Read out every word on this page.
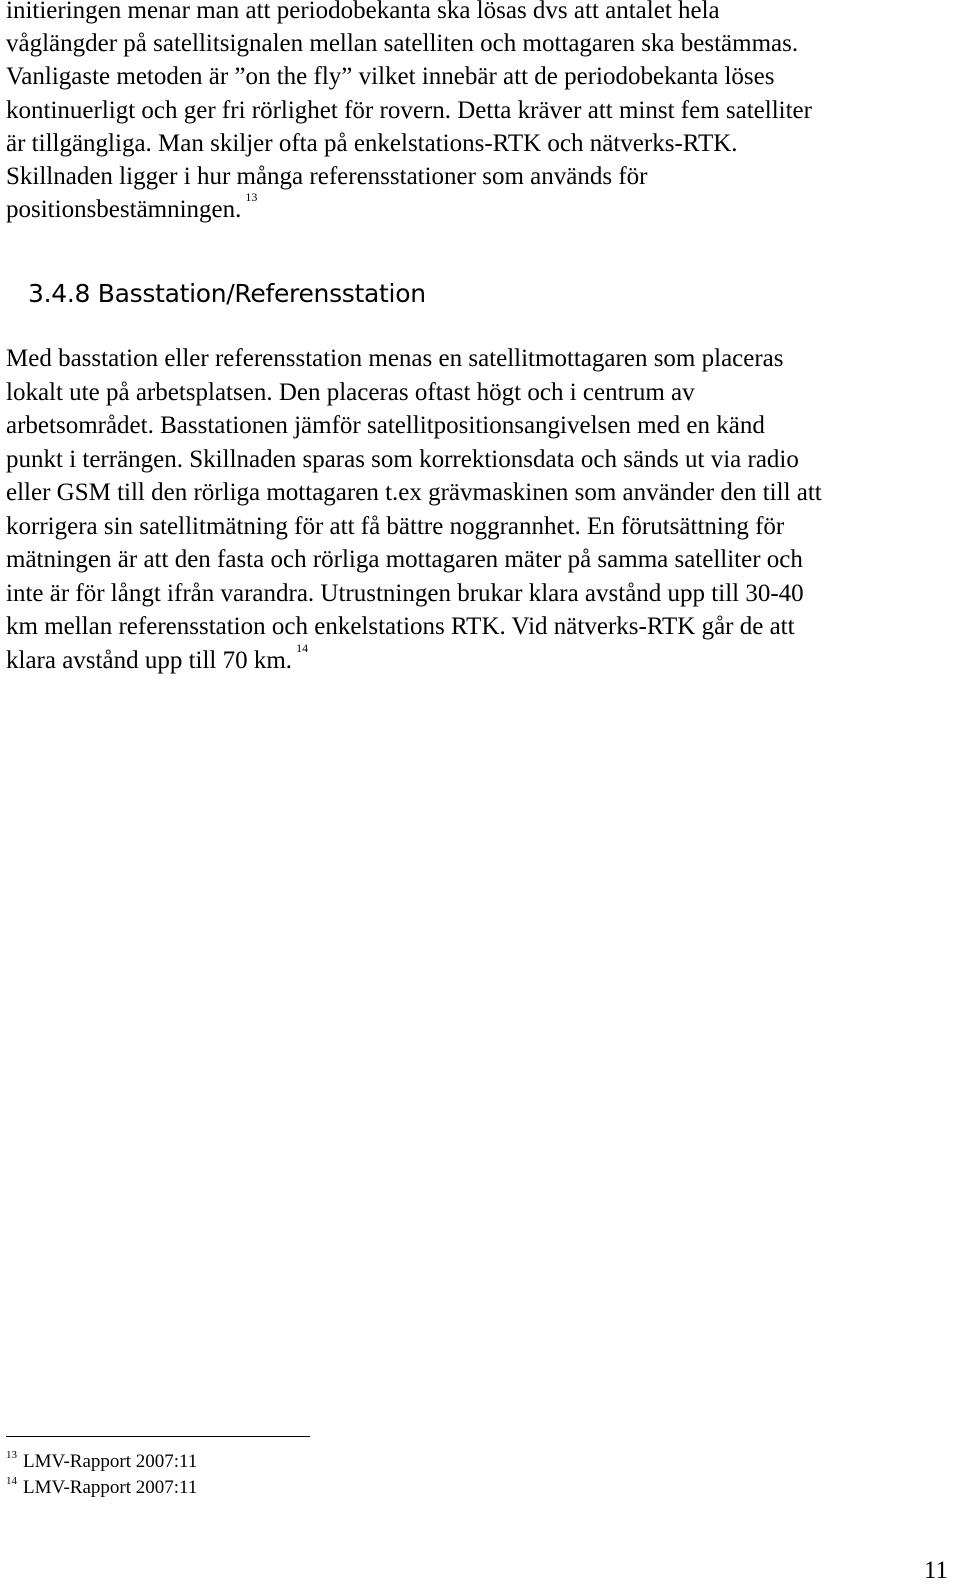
initieringen menar man att periodobekanta ska lösas dvs att antalet hela
våglängder på satellitsignalen mellan satelliten och mottagaren ska bestämmas.
Vanligaste metoden är ”on the fly” vilket innebär att de periodobekanta löses
kontinuerligt och ger fri rörlighet för rovern. Detta kräver att minst fem satelliter
är tillgängliga. Man skiljer ofta på enkelstations-RTK och nätverks-RTK.
Skillnaden ligger i hur många referensstationer som används för
positionsbestämningen. $^{13}$
3.4.8 Basstation/Referensstation
Med basstation eller referensstation menas en satellitmottagaren som placeras
lokalt ute på arbetsplatsen. Den placeras oftast högt och i centrum av
arbetsområdet. Basstationen jämför satellitpositionsangivelsen med en känd
punkt i terrängen. Skillnaden sparas som korrektionsdata och sänds ut via radio
eller GSM till den rörliga mottagaren t.ex grävmaskinen som använder den till att
korrigera sin satellitmätning för att få bättre noggrannhet. En förutsättning för
mätningen är att den fasta och rörliga mottagaren mäter på samma satelliter och
inte är för långt ifrån varandra. Utrustningen brukar klara avstånd upp till 30-40
km mellan referensstation och enkelstations RTK. Vid nätverks-RTK går de att
klara avstånd upp till 70 km. $^{14}$
$^{13}$ LMV-Rapport 2007:11
$^{14}$ LMV-Rapport 2007:11
11
